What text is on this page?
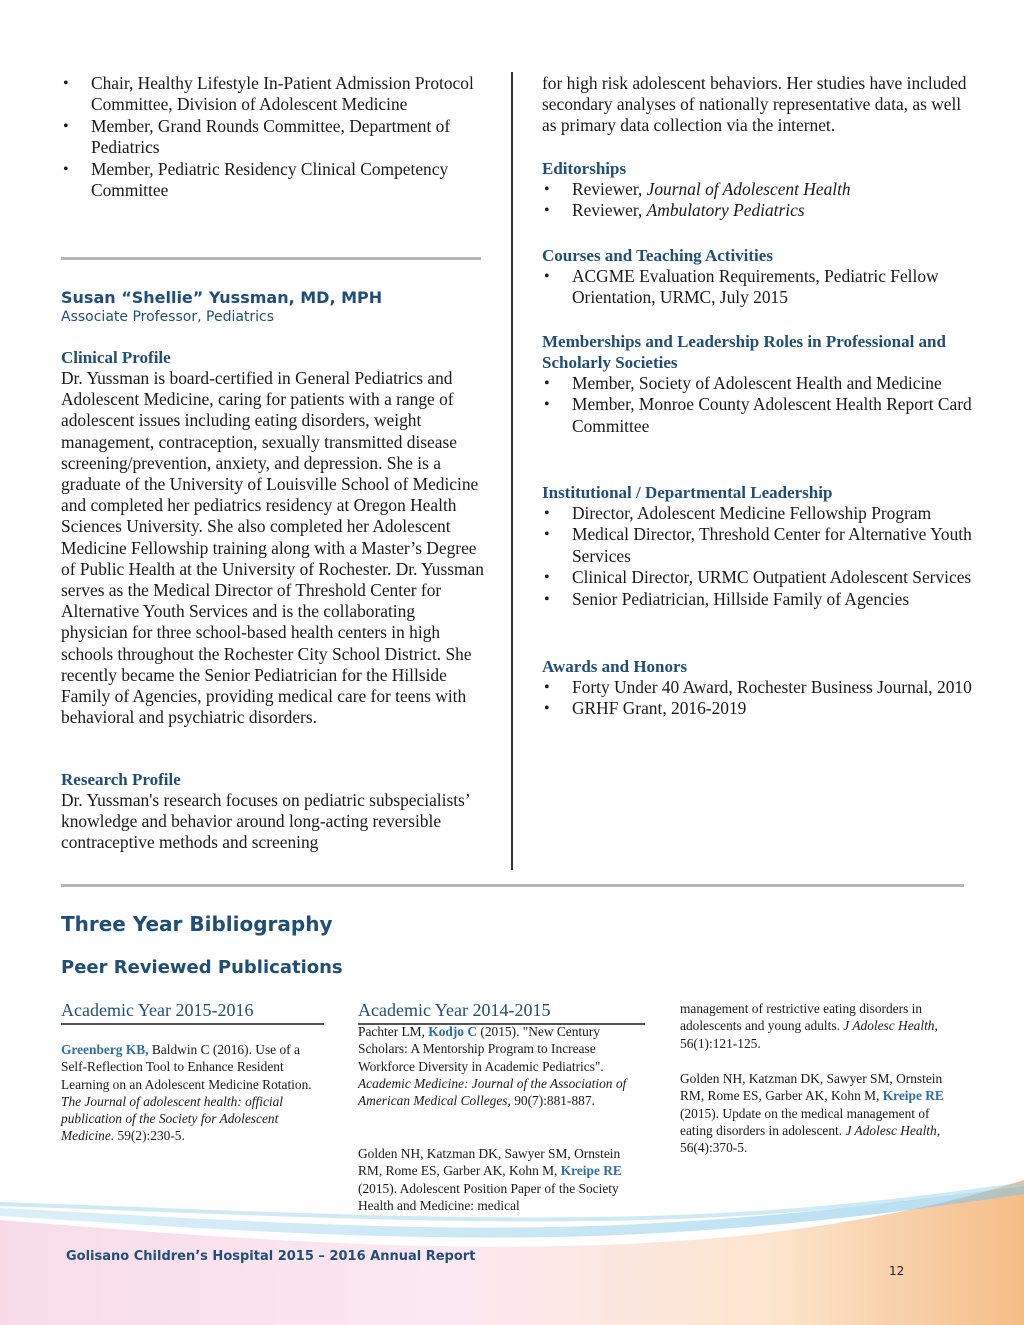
• Chair, Healthy Lifestyle In-Patient Admission Protocol Committee, Division of Adolescent Medicine
• Member, Grand Rounds Committee, Department of Pediatrics
• Member, Pediatric Residency Clinical Competency Committee
Susan “Shellie” Yussman, MD, MPH
Associate Professor, Pediatrics
Clinical Profile
Dr. Yussman is board-certified in General Pediatrics and Adolescent Medicine, caring for patients with a range of adolescent issues including eating disorders, weight management, contraception, sexually transmitted disease screening/prevention, anxiety, and depression. She is a graduate of the University of Louisville School of Medicine and completed her pediatrics residency at Oregon Health Sciences University. She also completed her Adolescent Medicine Fellowship training along with a Master’s Degree of Public Health at the University of Rochester. Dr. Yussman serves as the Medical Director of Threshold Center for Alternative Youth Services and is the collaborating physician for three school-based health centers in high schools throughout the Rochester City School District. She recently became the Senior Pediatrician for the Hillside Family of Agencies, providing medical care for teens with behavioral and psychiatric disorders.
Research Profile
Dr. Yussman's research focuses on pediatric subspecialists’ knowledge and behavior around long-acting reversible contraceptive methods and screening
for high risk adolescent behaviors. Her studies have included secondary analyses of nationally representative data, as well as primary data collection via the internet.
Editorships
• Reviewer, Journal of Adolescent Health
• Reviewer, Ambulatory Pediatrics
Courses and Teaching Activities
• ACGME Evaluation Requirements, Pediatric Fellow Orientation, URMC, July 2015
Memberships and Leadership Roles in Professional and Scholarly Societies
• Member, Society of Adolescent Health and Medicine
• Member, Monroe County Adolescent Health Report Card Committee
Institutional / Departmental Leadership
• Director, Adolescent Medicine Fellowship Program
• Medical Director, Threshold Center for Alternative Youth Services
• Clinical Director, URMC Outpatient Adolescent Services
• Senior Pediatrician, Hillside Family of Agencies
Awards and Honors
• Forty Under 40 Award, Rochester Business Journal, 2010
• GRHF Grant, 2016-2019
Three Year Bibliography
Peer Reviewed Publications
Academic Year 2015-2016
Greenberg KB, Baldwin C (2016). Use of a Self-Reflection Tool to Enhance Resident Learning on an Adolescent Medicine Rotation. The Journal of adolescent health: official publication of the Society for Adolescent Medicine. 59(2):230-5.
Academic Year 2014-2015
Pachter LM, Kodjo C (2015). "New Century Scholars: A Mentorship Program to Increase Workforce Diversity in Academic Pediatrics". Academic Medicine: Journal of the Association of American Medical Colleges, 90(7):881-887.
Golden NH, Katzman DK, Sawyer SM, Ornstein RM, Rome ES, Garber AK, Kohn M, Kreipe RE (2015). Adolescent Position Paper of the Society Health and Medicine: medical
management of restrictive eating disorders in adolescents and young adults. J Adolesc Health, 56(1):121-125.
Golden NH, Katzman DK, Sawyer SM, Ornstein RM, Rome ES, Garber AK, Kohn M, Kreipe RE (2015). Update on the medical management of eating disorders in adolescent. J Adolesc Health, 56(4):370-5.
Golisano Children’s Hospital 2015 – 2016 Annual Report
12
